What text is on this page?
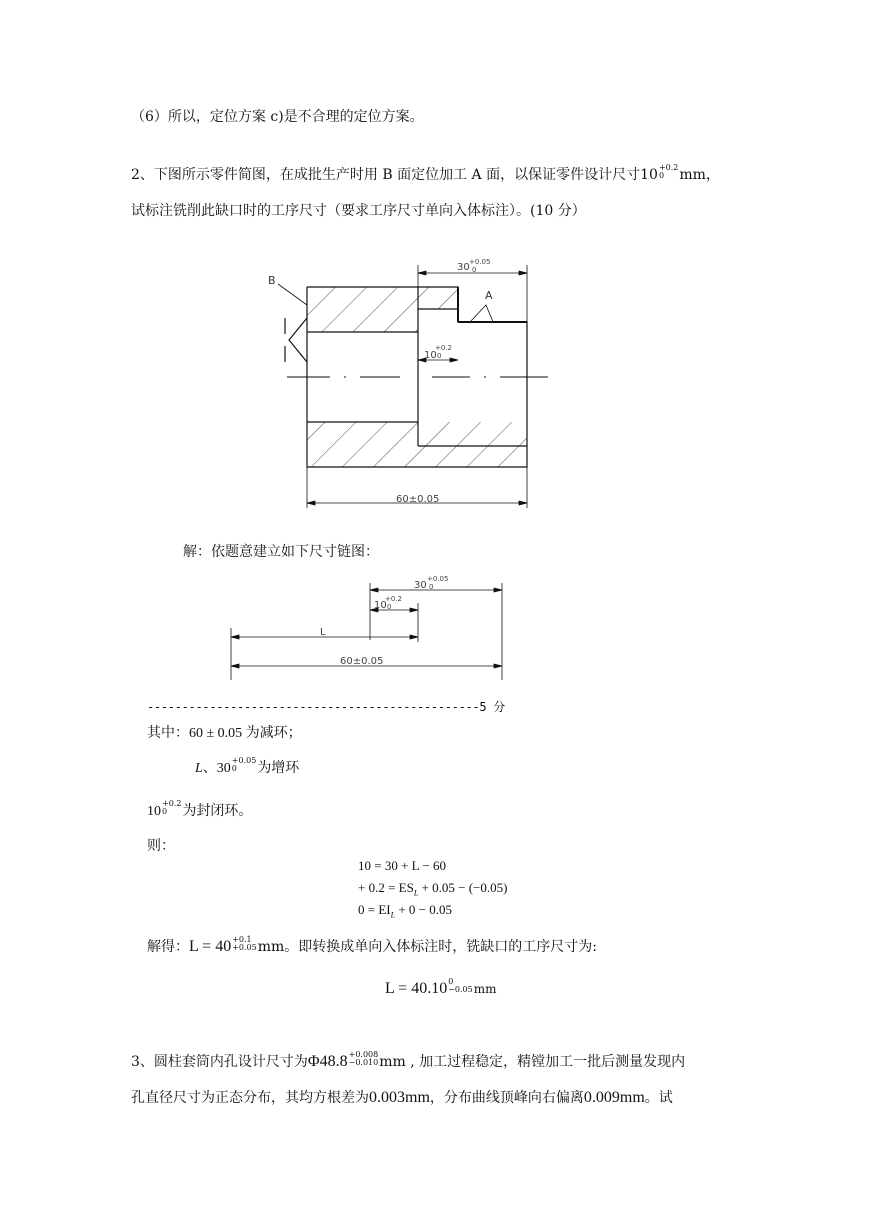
（6）所以，定位方案 c)是不合理的定位方案。
2、下图所示零件简图，在成批生产时用 B 面定位加工 A 面，以保证零件设计尺寸10 +0.2
0	mm，
试标注铣削此缺口时的工序尺寸（要求工序尺寸单向入体标注）。(10 分）
B
A
30 +0.05
0
10
+0.2
0
60±0.05
解：依题意建立如下尺寸链图：
30
+0.05
0
10
+0.2
0
L
60±0.05
------------------------------------------------5 分
其中：60 ± 0.05 为减环；
L、30
+0.05
0	为增环
10
+0.2
0	为封闭环。
则：
10 = 30 + L − 60
+ $0.2 = ES_L + 0.05 - (-0.05)$
$0 = EI_L + 0 - 0.05$
解得：L = 40 +0.1
+0.05 mm。即转换成单向入体标注时，铣缺口的工序尺寸为:
L = 40.10 0
−0.05 mm
3、圆柱套筒内孔设计尺寸为Φ48.8 +0.008
−0.010 mm , 加工过程稳定，精镗加工一批后测量发现内
孔直径尺寸为正态分布，其均方根差为0.003mm，分布曲线顶峰向右偏离0.009mm。试
